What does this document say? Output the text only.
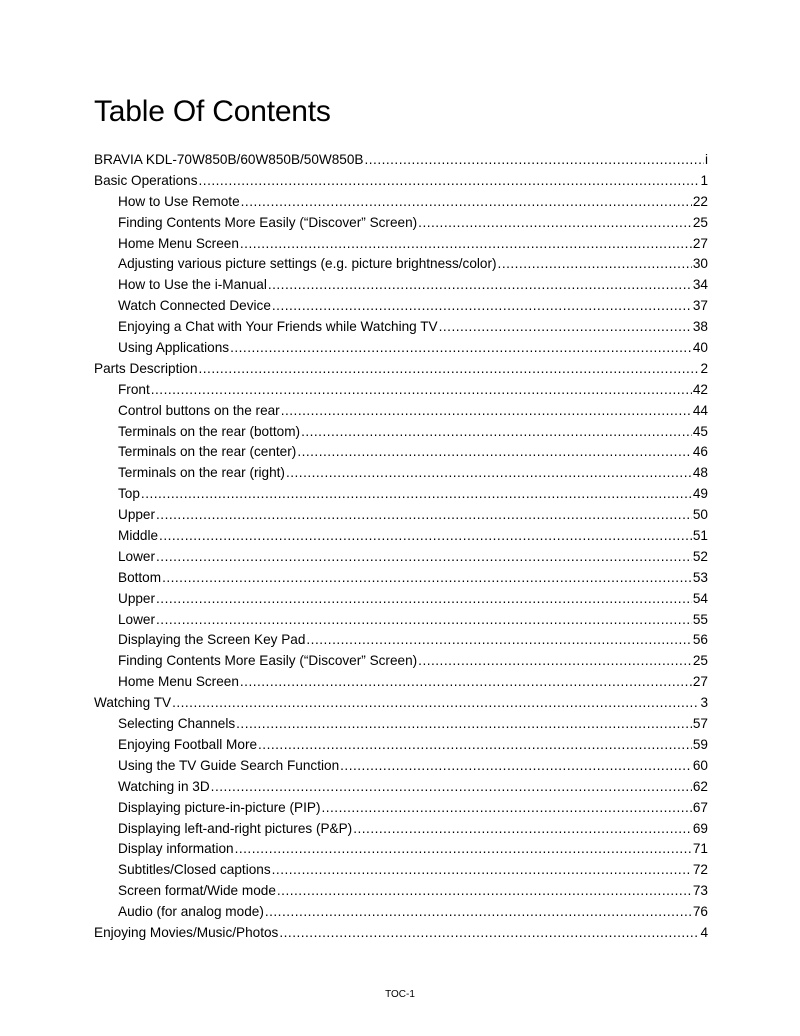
Table Of Contents
BRAVIA KDL-70W850B/60W850B/50W850B .....	i
Basic Operations .....	1
How to Use Remote .....	22
Finding Contents More Easily (“Discover” Screen) .....	25
Home Menu Screen .....	27
Adjusting various picture settings (e.g. picture brightness/color) .....	30
How to Use the i-Manual .....	34
Watch Connected Device .....	37
Enjoying a Chat with Your Friends while Watching TV .....	38
Using Applications .....	40
Parts Description .....	2
Front .....	42
Control buttons on the rear .....	44
Terminals on the rear (bottom) .....	45
Terminals on the rear (center) .....	46
Terminals on the rear (right) .....	48
Top .....	49
Upper .....	50
Middle .....	51
Lower .....	52
Bottom .....	53
Upper .....	54
Lower .....	55
Displaying the Screen Key Pad .....	56
Finding Contents More Easily (“Discover” Screen) .....	25
Home Menu Screen .....	27
Watching TV .....	3
Selecting Channels .....	57
Enjoying Football More .....	59
Using the TV Guide Search Function .....	60
Watching in 3D .....	62
Displaying picture-in-picture (PIP) .....	67
Displaying left-and-right pictures (P&P) .....	69
Display information .....	71
Subtitles/Closed captions .....	72
Screen format/Wide mode .....	73
Audio (for analog mode) .....	76
Enjoying Movies/Music/Photos .....	4
TOC-1
